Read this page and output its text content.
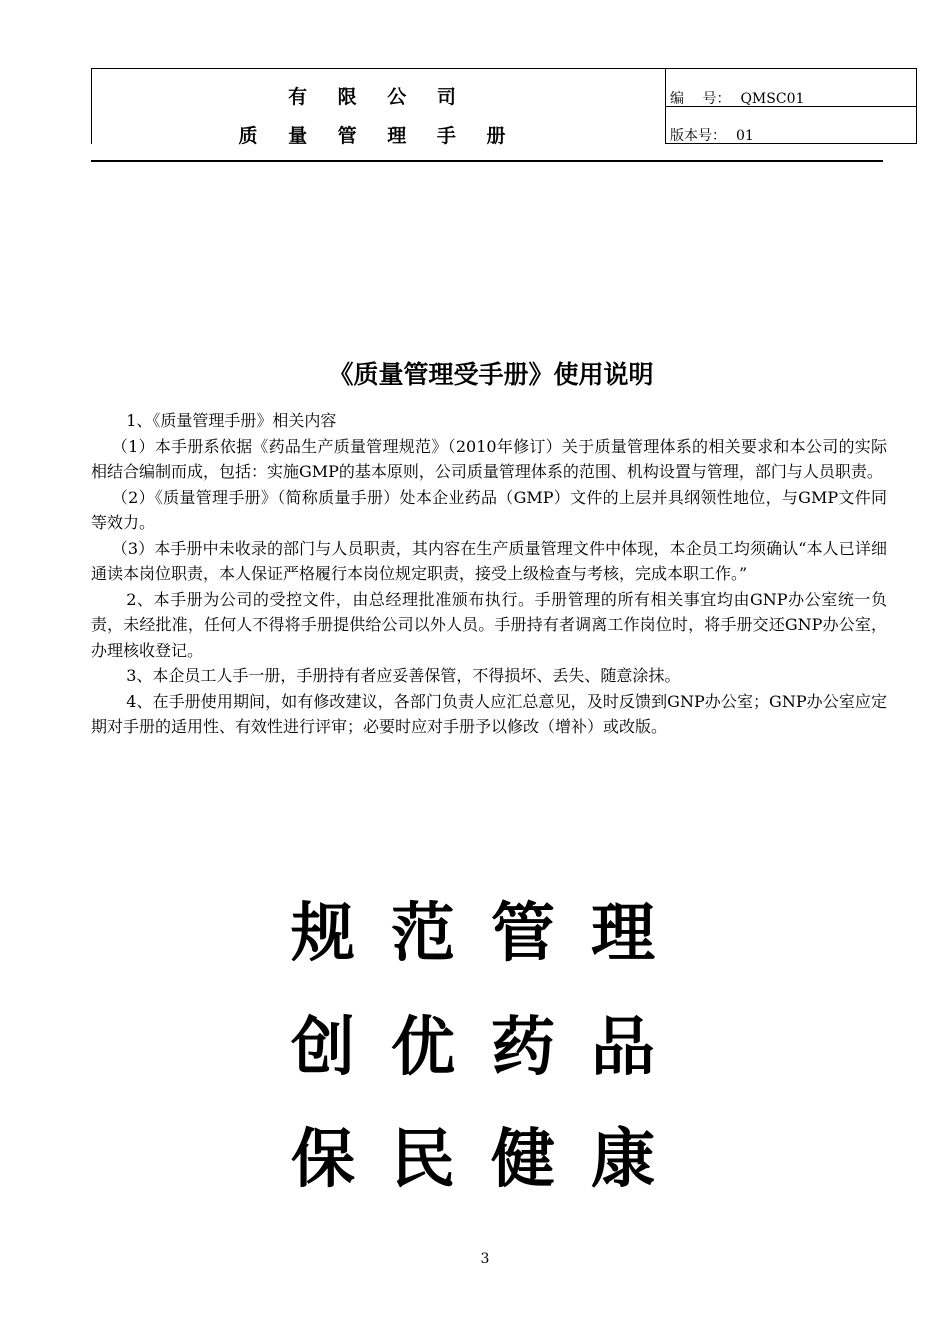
有 限 公 司
质 量 管 理 手 册
编　 号： QMSC01
版本号： 01
《质量管理受手册》使用说明

1、《质量管理手册》相关内容

（1）本手册系依据《药品生产质量管理规范》（2010年修订）关于质量管理体系的相关要求和本公司的实际相结合编制而成，包括：实施GMP的基本原则，公司质量管理体系的范围、机构设置与管理，部门与人员职责。

（2）《质量管理手册》（简称质量手册）处本企业药品（GMP）文件的上层并具纲领性地位，与GMP文件同等效力。

（3）本手册中未收录的部门与人员职责，其内容在生产质量管理文件中体现，本企员工均须确认“本人已详细通读本岗位职责，本人保证严格履行本岗位规定职责，接受上级检查与考核，完成本职工作。”

2、本手册为公司的受控文件，由总经理批准颁布执行。手册管理的所有相关事宜均由GNP办公室统一负责，未经批准，任何人不得将手册提供给公司以外人员。手册持有者调离工作岗位时，将手册交还GNP办公室，办理核收登记。

3、本企员工人手一册，手册持有者应妥善保管，不得损坏、丢失、随意涂抹。

4、在手册使用期间，如有修改建议，各部门负责人应汇总意见，及时反馈到GNP办公室；GNP办公室应定期对手册的适用性、有效性进行评审；必要时应对手册予以修改（增补）或改版。

规范管理
创优药品
保民健康
3
